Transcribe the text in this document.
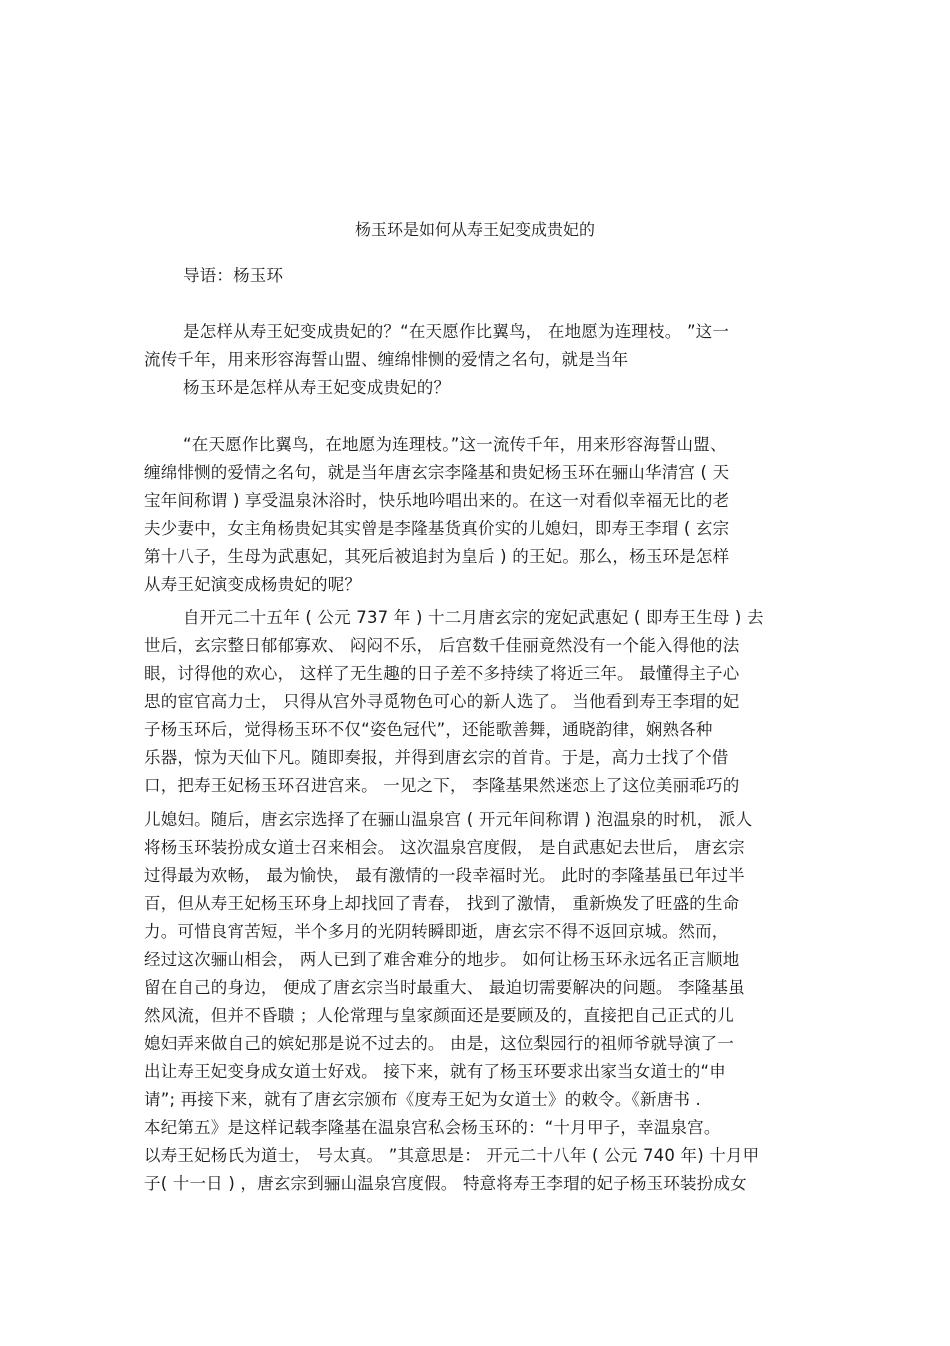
杨玉环是如何从寿王妃变成贵妃的
导语：杨玉环
是怎样从寿王妃变成贵妃的？“在天愿作比翼鸟， 在地愿为连理枝。 ”这一
流传千年，用来形容海誓山盟、缠绵悱恻的爱情之名句，就是当年
杨玉环是怎样从寿王妃变成贵妃的？
“在天愿作比翼鸟，在地愿为连理枝。”这一流传千年，用来形容海誓山盟、
缠绵悱恻的爱情之名句，就是当年唐玄宗李隆基和贵妃杨玉环在骊山华清宫 ( 天
宝年间称谓 ) 享受温泉沐浴时，快乐地吟唱出来的。在这一对看似幸福无比的老
夫少妻中，女主角杨贵妃其实曾是李隆基货真价实的儿媳妇，即寿王李瑁 ( 玄宗
第十八子，生母为武惠妃，其死后被追封为皇后 ) 的王妃。那么，杨玉环是怎样
从寿王妃演变成杨贵妃的呢？
自开元二十五年 ( 公元 737 年 ) 十二月唐玄宗的宠妃武惠妃 ( 即寿王生母 ) 去
世后，玄宗整日郁郁寡欢、 闷闷不乐， 后宫数千佳丽竟然没有一个能入得他的法
眼，讨得他的欢心， 这样了无生趣的日子差不多持续了将近三年。 最懂得主子心
思的宦官高力士， 只得从宫外寻觅物色可心的新人选了。 当他看到寿王李瑁的妃
子杨玉环后，觉得杨玉环不仅“姿色冠代”，还能歌善舞，通晓韵律，娴熟各种
乐器，惊为天仙下凡。随即奏报，并得到唐玄宗的首肯。于是，高力士找了个借
口，把寿王妃杨玉环召进宫来。 一见之下， 李隆基果然迷恋上了这位美丽乖巧的
儿媳妇。随后，唐玄宗选择了在骊山温泉宫 ( 开元年间称谓 ) 泡温泉的时机， 派人
将杨玉环装扮成女道士召来相会。 这次温泉宫度假， 是自武惠妃去世后， 唐玄宗
过得最为欢畅， 最为愉快， 最有激情的一段幸福时光。 此时的李隆基虽已年过半
百，但从寿王妃杨玉环身上却找回了青春， 找到了激情， 重新焕发了旺盛的生命
力。可惜良宵苦短，半个多月的光阴转瞬即逝，唐玄宗不得不返回京城。然而，
经过这次骊山相会， 两人已到了难舍难分的地步。 如何让杨玉环永远名正言顺地
留在自己的身边， 便成了唐玄宗当时最重大、 最迫切需要解决的问题。 李隆基虽
然风流，但并不昏聩 ；人伦常理与皇家颜面还是要顾及的，直接把自己正式的儿
媳妇弄来做自己的嫔妃那是说不过去的。 由是，这位梨园行的祖师爷就导演了一
出让寿王妃变身成女道士好戏。 接下来，就有了杨玉环要求出家当女道士的“申
请”; 再接下来，就有了唐玄宗颁布《度寿王妃为女道士》的敕令。《新唐书 .
本纪第五》是这样记载李隆基在温泉宫私会杨玉环的：“十月甲子，幸温泉宫。
以寿王妃杨氏为道士， 号太真。 ”其意思是： 开元二十八年 ( 公元 740 年) 十月甲
子( 十一日 ) ，唐玄宗到骊山温泉宫度假。 特意将寿王李瑁的妃子杨玉环装扮成女
